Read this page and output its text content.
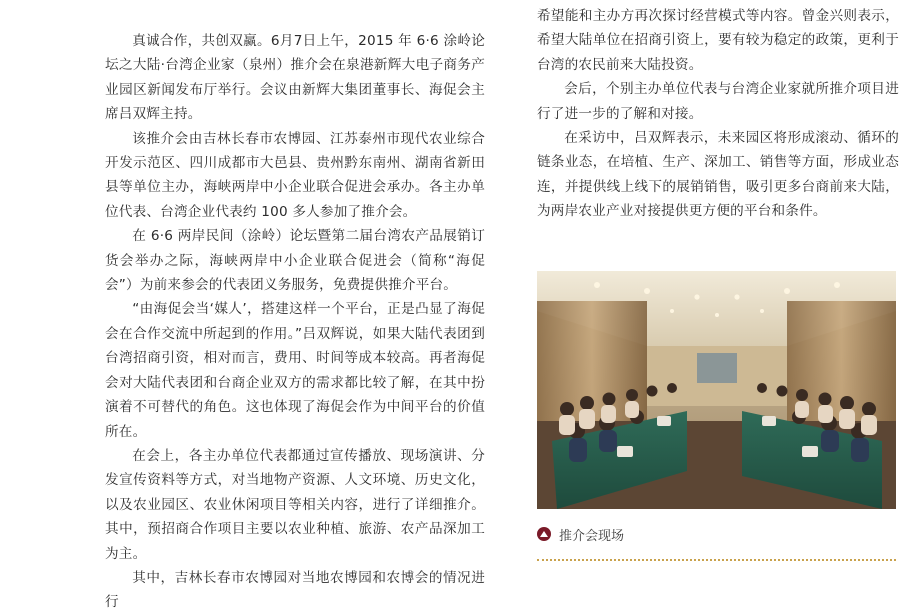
真诚合作，共创双赢。6月7日上午，2015 年 6·6 涂岭论坛之大陆·台湾企业家（泉州）推介会在泉港新辉大电子商务产业园区新闻发布厅举行。会议由新辉大集团董事长、海促会主席吕双辉主持。

该推介会由吉林长春市农博园、江苏泰州市现代农业综合开发示范区、四川成都市大邑县、贵州黔东南州、湖南省新田县等单位主办，海峡两岸中小企业联合促进会承办。各主办单位代表、台湾企业代表约 100 多人参加了推介会。

在 6·6 两岸民间（涂岭）论坛暨第二届台湾农产品展销订货会举办之际，海峡两岸中小企业联合促进会（简称“海促会”）为前来参会的代表团义务服务，免费提供推介平台。

“由海促会当‘媒人’，搭建这样一个平台，正是凸显了海促会在合作交流中所起到的作用。”吕双辉说，如果大陆代表团到台湾招商引资，相对而言，费用、时间等成本较高。再者海促会对大陆代表团和台商企业双方的需求都比较了解，在其中扮演着不可替代的角色。这也体现了海促会作为中间平台的价值所在。

在会上，各主办单位代表都通过宣传播放、现场演讲、分发宣传资料等方式，对当地物产资源、人文环境、历史文化，以及农业园区、农业休闲项目等相关内容，进行了详细推介。其中，预招商合作项目主要以农业种植、旅游、农产品深加工为主。

其中，吉林长春市农博园对当地农博园和农博会的情况进行

希望能和主办方再次探讨经营模式等内容。曾金兴则表示，希望大陆单位在招商引资上，要有较为稳定的政策，更利于台湾的农民前来大陆投资。

会后，个别主办单位代表与台湾企业家就所推介项目进行了进一步的了解和对接。

在采访中，吕双辉表示，未来园区将形成滚动、循环的链条业态，在培植、生产、深加工、销售等方面，形成业态连，并提供线上线下的展销销售，吸引更多台商前来大陆，为两岸农业产业对接提供更方便的平台和条件。

推介会现场
